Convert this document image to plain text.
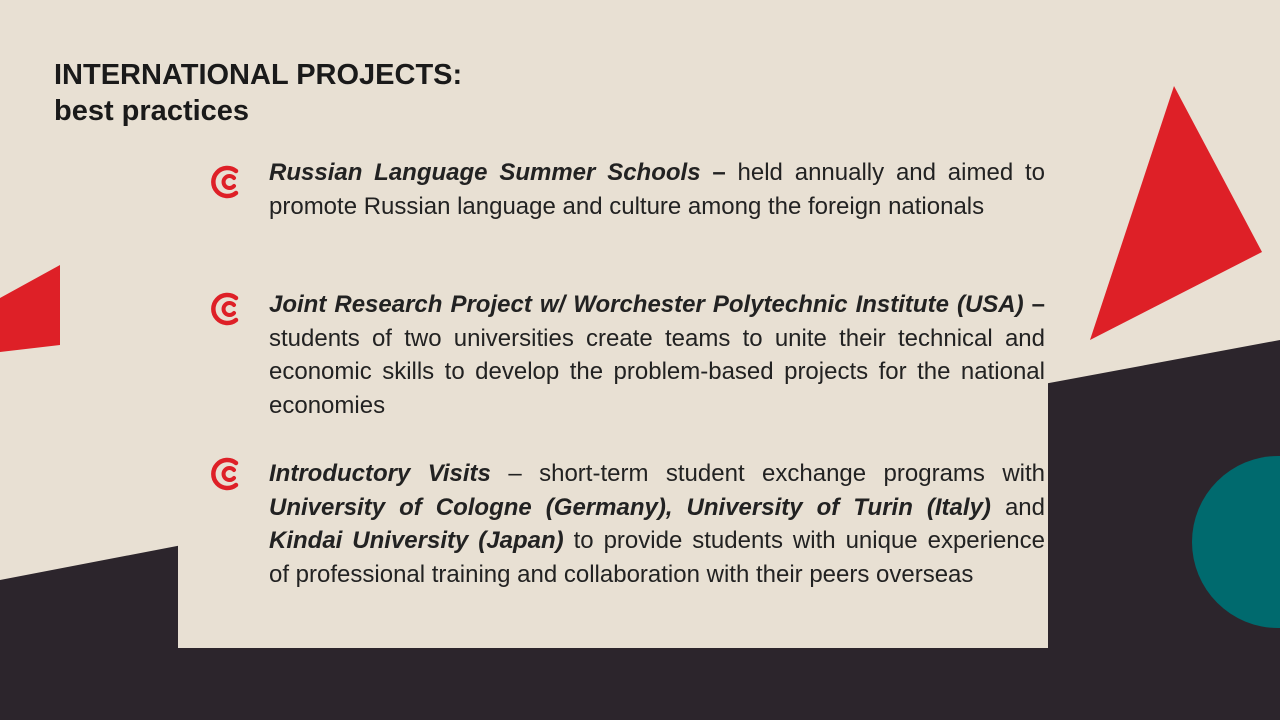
INTERNATIONAL PROJECTS:
best practices
Russian Language Summer Schools – held annually and aimed to promote Russian language and culture among the foreign nationals
Joint Research Project w/ Worchester Polytechnic Institute (USA) – students of two universities create teams to unite their technical and economic skills to develop the problem-based projects for the national economies
Introductory Visits – short-term student exchange programs with University of Cologne (Germany), University of Turin (Italy) and Kindai University (Japan) to provide students with unique experience of professional training and collaboration with their peers overseas
